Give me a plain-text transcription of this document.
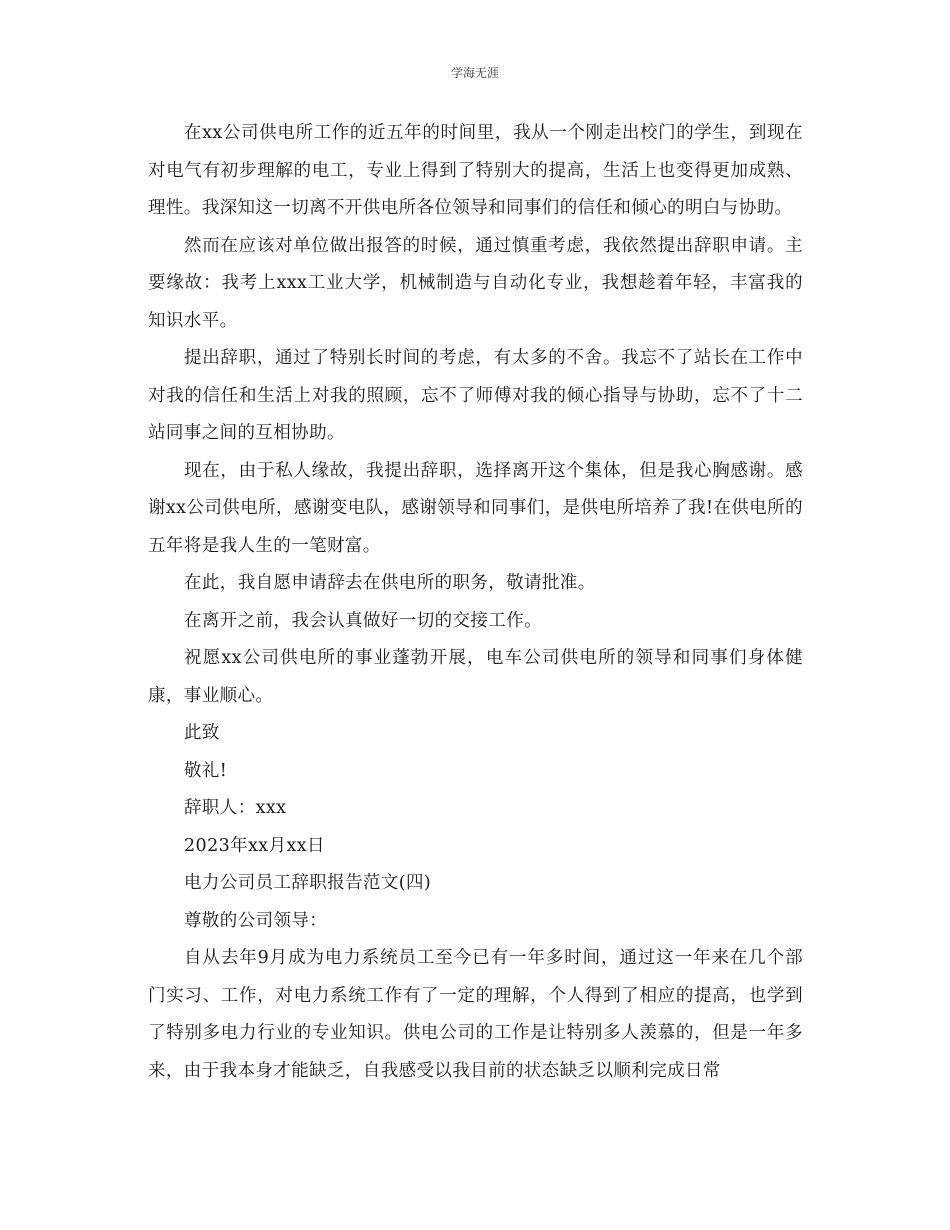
学海无涯

在xx公司供电所工作的近五年的时间里，我从一个刚走出校门的学生，到现在对电气有初步理解的电工，专业上得到了特别大的提高，生活上也变得更加成熟、理性。我深知这一切离不开供电所各位领导和同事们的信任和倾心的明白与协助。

然而在应该对单位做出报答的时候，通过慎重考虑，我依然提出辞职申请。主要缘故：我考上xxx工业大学，机械制造与自动化专业，我想趁着年轻，丰富我的知识水平。

提出辞职，通过了特别长时间的考虑，有太多的不舍。我忘不了站长在工作中对我的信任和生活上对我的照顾，忘不了师傅对我的倾心指导与协助，忘不了十二站同事之间的互相协助。

现在，由于私人缘故，我提出辞职，选择离开这个集体，但是我心胸感谢。感谢xx公司供电所，感谢变电队，感谢领导和同事们，是供电所培养了我!在供电所的五年将是我人生的一笔财富。

在此，我自愿申请辞去在供电所的职务，敬请批准。

在离开之前，我会认真做好一切的交接工作。

祝愿xx公司供电所的事业蓬勃开展，电车公司供电所的领导和同事们身体健康，事业顺心。

此致

敬礼!

辞职人：xxx

2023年xx月xx日

电力公司员工辞职报告范文(四)

尊敬的公司领导：

自从去年9月成为电力系统员工至今已有一年多时间，通过这一年来在几个部门实习、工作，对电力系统工作有了一定的理解，个人得到了相应的提高，也学到了特别多电力行业的专业知识。供电公司的工作是让特别多人羡慕的，但是一年多来，由于我本身才能缺乏，自我感受以我目前的状态缺乏以顺利完成日常
